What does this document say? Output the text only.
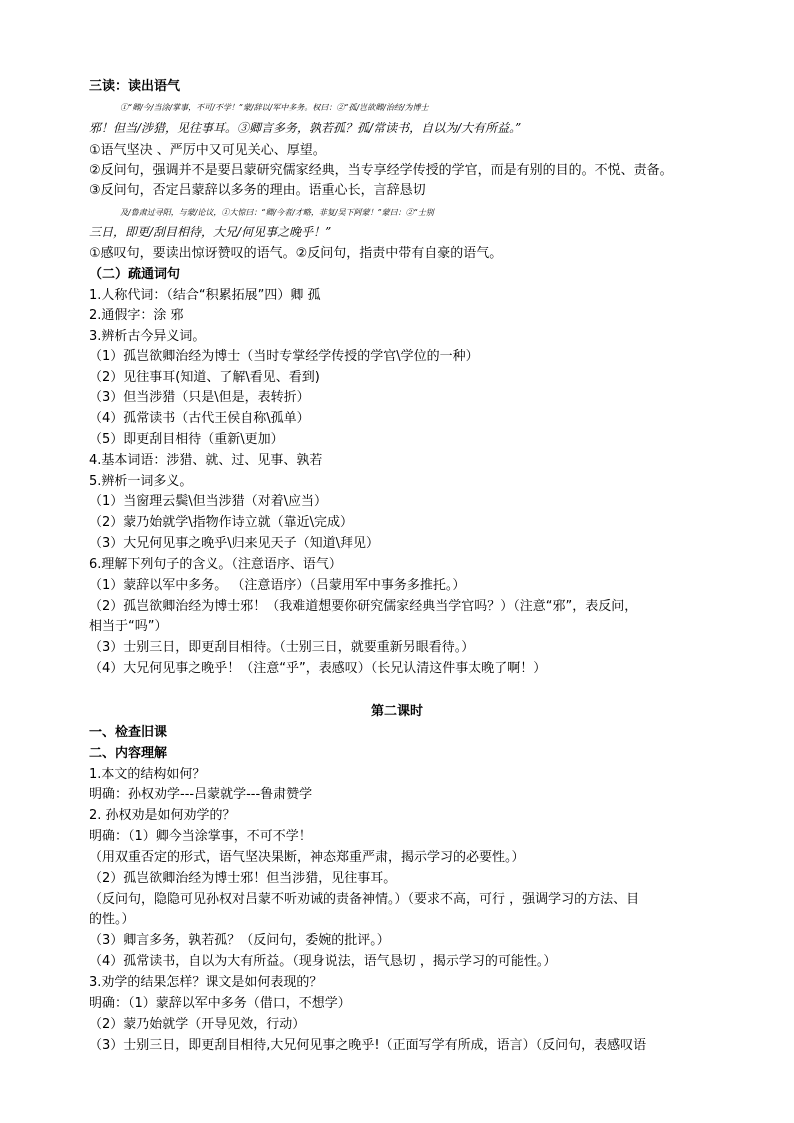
三读：读出语气
①“卿/今/当涂/掌事，不可/不学！”蒙/辞以/军中多务。权曰：②“孤/岂欲卿/治经/为博士
邪！但当/涉猎，见往事耳。③卿言多务，孰若孤？孤/常读书，自以为/大有所益。”
①语气坚决 、严厉中又可见关心、厚望。
②反问句，强调并不是要吕蒙研究儒家经典，当专享经学传授的学官，而是有别的目的。不悦、责备。
③反问句，否定吕蒙辞以多务的理由。语重心长，言辞恳切
及/鲁肃过寻阳，与蒙/论议，①大惊曰：“卿/今者/才略，非复/吴下阿蒙！”蒙曰：②“士别
三日，即更/刮目相待，大兄/何见事之晚乎！”
①感叹句，要读出惊讶赞叹的语气。②反问句，指责中带有自豪的语气。
（二）疏通词句
1.人称代词：（结合“积累拓展”四）卿 孤
2.通假字：涂 邪
3.辨析古今异义词。
（1）孤岂欲卿治经为博士（当时专掌经学传授的学官\学位的一种）
（2）见往事耳(知道、了解\看见、看到)
（3）但当涉猎（只是\但是，表转折）
（4）孤常读书（古代王侯自称\孤单）
（5）即更刮目相待（重新\更加）
4.基本词语：涉猎、就、过、见事、孰若
5.辨析一词多义。
（1）当窗理云鬓\但当涉猎（对着\应当）
（2）蒙乃始就学\指物作诗立就（靠近\完成）
（3）大兄何见事之晚乎\归来见天子（知道\拜见）
6.理解下列句子的含义。（注意语序、语气）
（1）蒙辞以军中多务。 （注意语序）（吕蒙用军中事务多推托。）
（2）孤岂欲卿治经为博士邪！（我难道想要你研究儒家经典当学官吗？）（注意“邪”，表反问，
相当于“吗”）
（3）士别三日，即更刮目相待。（士别三日，就要重新另眼看待。）
（4）大兄何见事之晚乎！（注意“乎”，表感叹）（长兄认清这件事太晚了啊！）
第二课时
一、检查旧课
二、内容理解
1.本文的结构如何？
明确：孙权劝学---吕蒙就学---鲁肃赞学
2. 孙权劝是如何劝学的？
明确：（1）卿今当涂掌事，不可不学！
（用双重否定的形式，语气坚决果断，神态郑重严肃，揭示学习的必要性。）
（2）孤岂欲卿治经为博士邪！但当涉猎，见往事耳。
（反问句，隐隐可见孙权对吕蒙不听劝诫的责备神情。）（要求不高，可行 ，强调学习的方法、目
的性。）
（3）卿言多务，孰若孤？（反问句，委婉的批评。）
（4）孤常读书，自以为大有所益。（现身说法，语气恳切 ，揭示学习的可能性。）
3.劝学的结果怎样？课文是如何表现的？
明确：（1）蒙辞以军中多务（借口，不想学）
（2）蒙乃始就学（开导见效，行动）
（3）士别三日，即更刮目相待,大兄何见事之晚乎!（正面写学有所成，语言）（反问句，表感叹语
